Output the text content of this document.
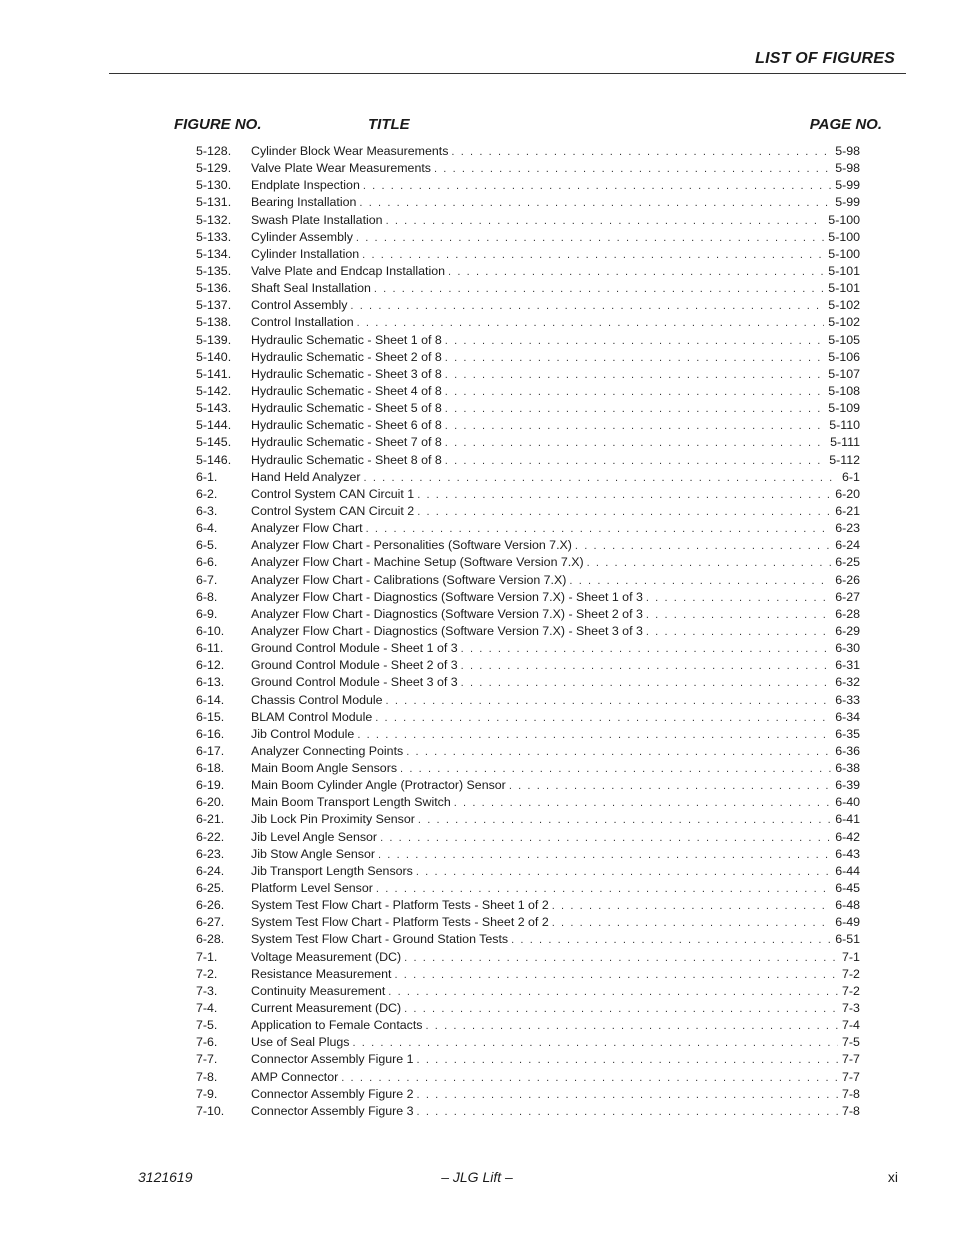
LIST OF FIGURES
FIGURE NO.	TITLE	PAGE NO.
5-128.	Cylinder Block Wear Measurements . . .	5-98
5-129.	Valve Plate Wear Measurements . . .	5-98
5-130.	Endplate Inspection . . .	5-99
5-131.	Bearing Installation . . .	5-99
5-132.	Swash Plate Installation . . .	5-100
5-133.	Cylinder Assembly . . .	5-100
5-134.	Cylinder Installation . . .	5-100
5-135.	Valve Plate and Endcap Installation . . .	5-101
5-136.	Shaft Seal Installation . . .	5-101
5-137.	Control Assembly . . .	5-102
5-138.	Control Installation . . .	5-102
5-139.	Hydraulic Schematic - Sheet 1 of 8 . . .	5-105
5-140.	Hydraulic Schematic - Sheet 2 of 8 . . .	5-106
5-141.	Hydraulic Schematic - Sheet 3 of 8 . . .	5-107
5-142.	Hydraulic Schematic - Sheet 4 of 8 . . .	5-108
5-143.	Hydraulic Schematic - Sheet 5 of 8 . . .	5-109
5-144.	Hydraulic Schematic - Sheet 6 of 8 . . .	5-110
5-145.	Hydraulic Schematic - Sheet 7 of 8 . . .	5-111
5-146.	Hydraulic Schematic - Sheet 8 of 8 . . .	5-112
6-1.	Hand Held Analyzer . . .	6-1
6-2.	Control System CAN Circuit 1 . . .	6-20
6-3.	Control System CAN Circuit 2 . . .	6-21
6-4.	Analyzer Flow Chart . . .	6-23
6-5.	Analyzer Flow Chart - Personalities (Software Version 7.X) . . .	6-24
6-6.	Analyzer Flow Chart - Machine Setup (Software Version 7.X) . . .	6-25
6-7.	Analyzer Flow Chart - Calibrations (Software Version 7.X) . . .	6-26
6-8.	Analyzer Flow Chart - Diagnostics (Software Version 7.X) - Sheet 1 of 3 . . .	6-27
6-9.	Analyzer Flow Chart - Diagnostics (Software Version 7.X) - Sheet 2 of 3 . . .	6-28
6-10.	Analyzer Flow Chart - Diagnostics (Software Version 7.X) - Sheet 3 of 3 . . .	6-29
6-11.	Ground Control Module - Sheet 1 of 3 . . .	6-30
6-12.	Ground Control Module - Sheet 2 of 3 . . .	6-31
6-13.	Ground Control Module - Sheet 3 of 3 . . .	6-32
6-14.	Chassis Control Module . . .	6-33
6-15.	BLAM Control Module . . .	6-34
6-16.	Jib Control Module . . .	6-35
6-17.	Analyzer Connecting Points . . .	6-36
6-18.	Main Boom Angle Sensors . . .	6-38
6-19.	Main Boom Cylinder Angle (Protractor) Sensor . . .	6-39
6-20.	Main Boom Transport Length Switch . . .	6-40
6-21.	Jib Lock Pin Proximity Sensor . . .	6-41
6-22.	Jib Level Angle Sensor . . .	6-42
6-23.	Jib Stow Angle Sensor . . .	6-43
6-24.	Jib Transport Length Sensors . . .	6-44
6-25.	Platform Level Sensor . . .	6-45
6-26.	System Test Flow Chart - Platform Tests - Sheet 1 of 2 . . .	6-48
6-27.	System Test Flow Chart - Platform Tests - Sheet 2 of 2 . . .	6-49
6-28.	System Test Flow Chart - Ground Station Tests . . .	6-51
7-1.	Voltage Measurement (DC) . . .	7-1
7-2.	Resistance Measurement . . .	7-2
7-3.	Continuity Measurement . . .	7-2
7-4.	Current Measurement (DC) . . .	7-3
7-5.	Application to Female Contacts . . .	7-4
7-6.	Use of Seal Plugs . . .	7-5
7-7.	Connector Assembly Figure 1 . . .	7-7
7-8.	AMP Connector . . .	7-7
7-9.	Connector Assembly Figure 2 . . .	7-8
7-10.	Connector Assembly Figure 3 . . .	7-8
3121619	– JLG Lift –	xi
